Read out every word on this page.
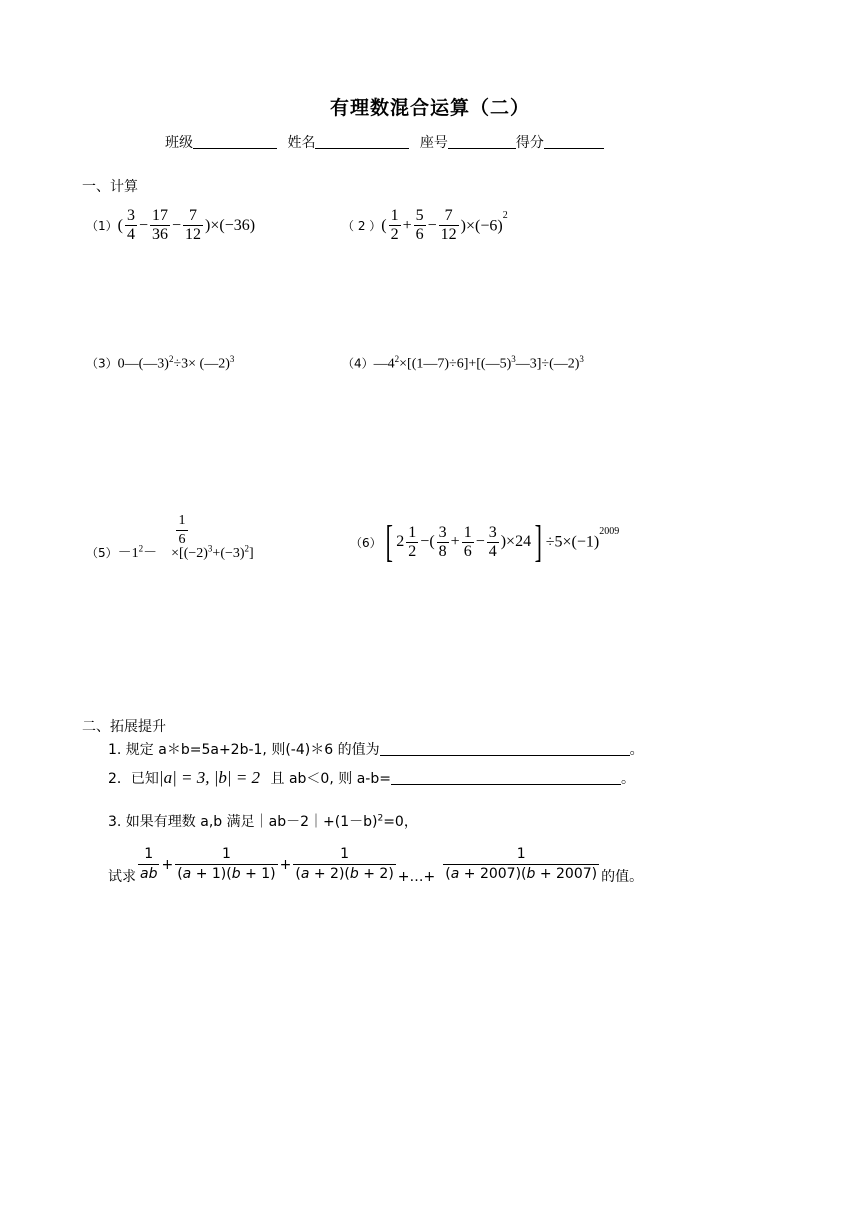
有理数混合运算（二）
班级	姓名	座号	得分
一、计算
（1） ( $\frac{3}{4} - \frac{17}{36} - \frac{7}{12} )\times(-36)$	（ 2 ） ( $\frac{1}{2} + \frac{5}{6} - \frac{7}{12} )\times(-6)^2$
（3）0—(—3)$^2$÷3× (—2)$^3$	$(4)—4^2\times[(1—7)\div 6]+[(—5)^3—3]\div(—2)^3$
$(5)-1^2- \times[(-2)^3+(-3)^2]$
1
6	（6） [ $2 \frac{1}{2}$ −( $\frac{3}{8} + \frac{1}{6} - \frac{3}{4} )\times 24$ ] $\div 5\times(-1)^{2009}$
二、拓展提升
1. 规定 a＊b=5a+2b-1, 则(-4)＊6 的值为	。
2．已知|a| = 3, |b| = 2 且 ab＜0, 则 a-b=	。
3. 如果有理数 a,b 满足$|ab-2|+(1-b)^2=0$，
试求 $\frac{1}{ab} + \frac{1}{(a + 1)(b + 1)} + \frac{1}{(a + 2)(b + 2)}$ +…+ $\frac{1}{(a + 2007)(b + 2007)}$ 的值。
